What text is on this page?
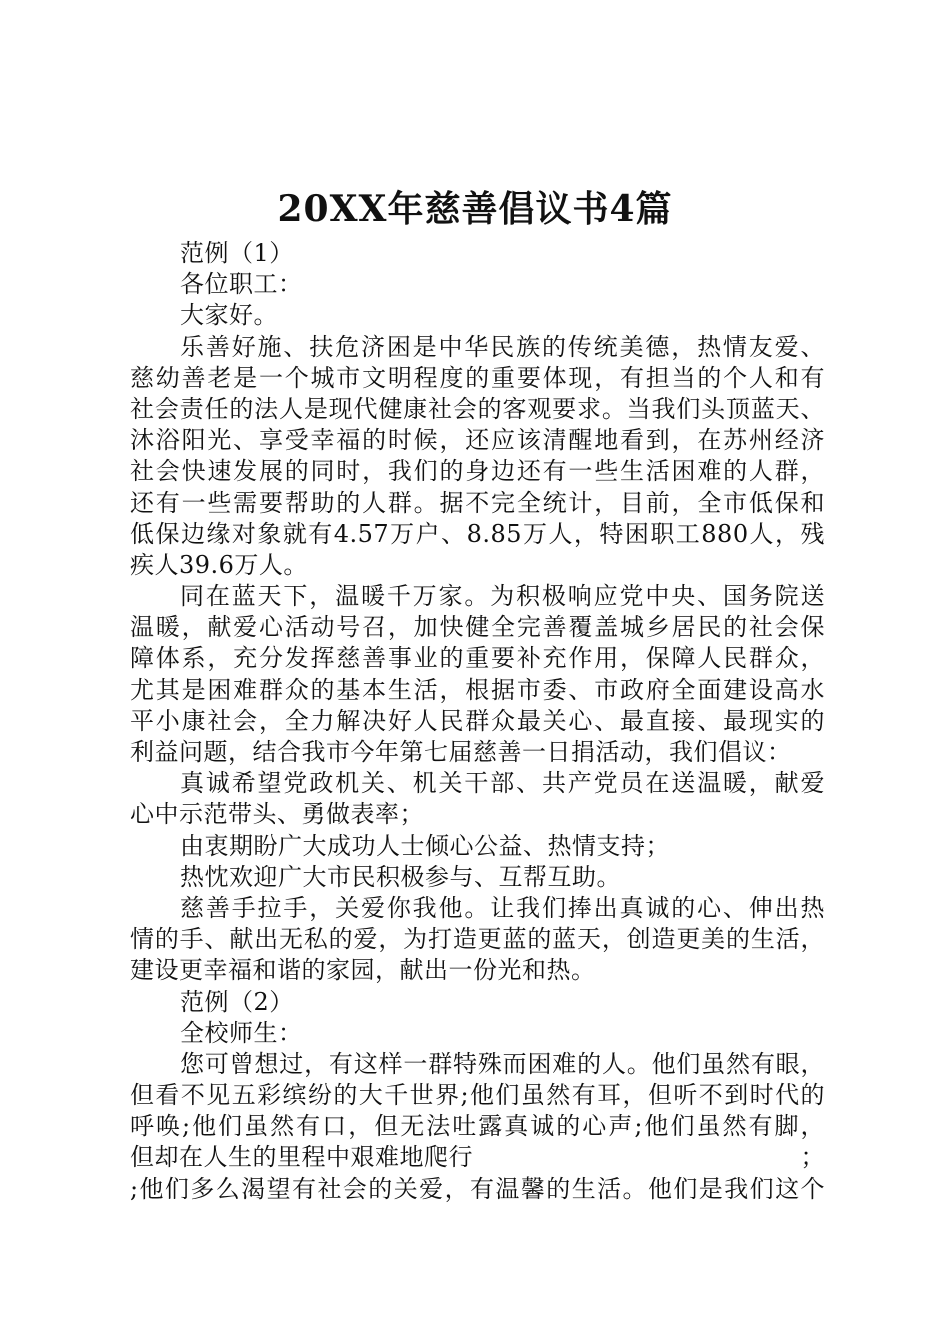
20XX年慈善倡议书4篇
范例（1）
各位职工：
大家好。
乐善好施、扶危济困是中华民族的传统美德，热情友爱、
慈幼善老是一个城市文明程度的重要体现，有担当的个人和有
社会责任的法人是现代健康社会的客观要求。当我们头顶蓝天、
沐浴阳光、享受幸福的时候，还应该清醒地看到，在苏州经济
社会快速发展的同时，我们的身边还有一些生活困难的人群，
还有一些需要帮助的人群。据不完全统计，目前，全市低保和
低保边缘对象就有4.57万户、8.85万人，特困职工880人，残
疾人39.6万人。
同在蓝天下，温暖千万家。为积极响应党中央、国务院送
温暖，献爱心活动号召，加快健全完善覆盖城乡居民的社会保
障体系，充分发挥慈善事业的重要补充作用，保障人民群众，
尤其是困难群众的基本生活，根据市委、市政府全面建设高水
平小康社会，全力解决好人民群众最关心、最直接、最现实的
利益问题，结合我市今年第七届慈善一日捐活动，我们倡议：
真诚希望党政机关、机关干部、共产党员在送温暖，献爱
心中示范带头、勇做表率；
由衷期盼广大成功人士倾心公益、热情支持；
热忱欢迎广大市民积极参与、互帮互助。
慈善手拉手，关爱你我他。让我们捧出真诚的心、伸出热
情的手、献出无私的爱，为打造更蓝的蓝天，创造更美的生活，
建设更幸福和谐的家园，献出一份光和热。
范例（2）
全校师生：
您可曾想过，有这样一群特殊而困难的人。他们虽然有眼，
但看不见五彩缤纷的大千世界;他们虽然有耳，但听不到时代的
呼唤;他们虽然有口，但无法吐露真诚的心声;他们虽然有脚，
但却在人生的里程中艰难地爬行	；
;他们多么渴望有社会的关爱，有温馨的生活。他们是我们这个
